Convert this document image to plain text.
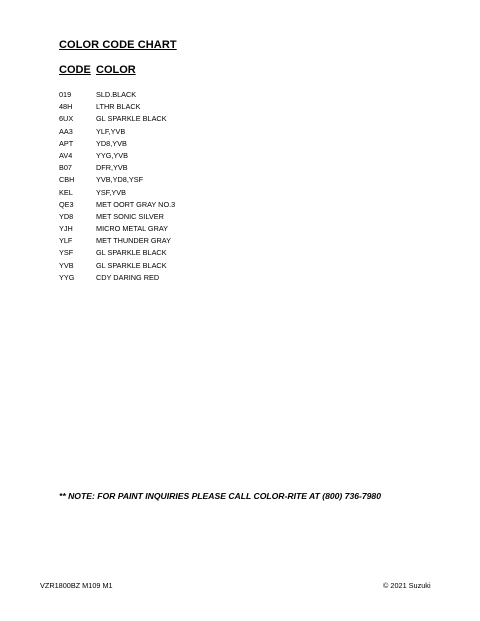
COLOR CODE CHART
CODE COLOR
019	SLD.BLACK
48H	LTHR BLACK
6UX	GL SPARKLE BLACK
AA3	YLF,YVB
APT	YD8,YVB
AV4	YYG,YVB
B07	DFR,YVB
CBH	YVB,YD8,YSF
KEL	YSF,YVB
QE3	MET OORT GRAY NO.3
YD8	MET SONIC SILVER
YJH	MICRO METAL GRAY
YLF	MET THUNDER GRAY
YSF	GL SPARKLE BLACK
YVB	GL SPARKLE BLACK
YYG	CDY DARING RED
** NOTE: FOR PAINT INQUIRIES PLEASE CALL COLOR-RITE AT (800) 736-7980
VZR1800BZ M109 M1	© 2021 Suzuki
